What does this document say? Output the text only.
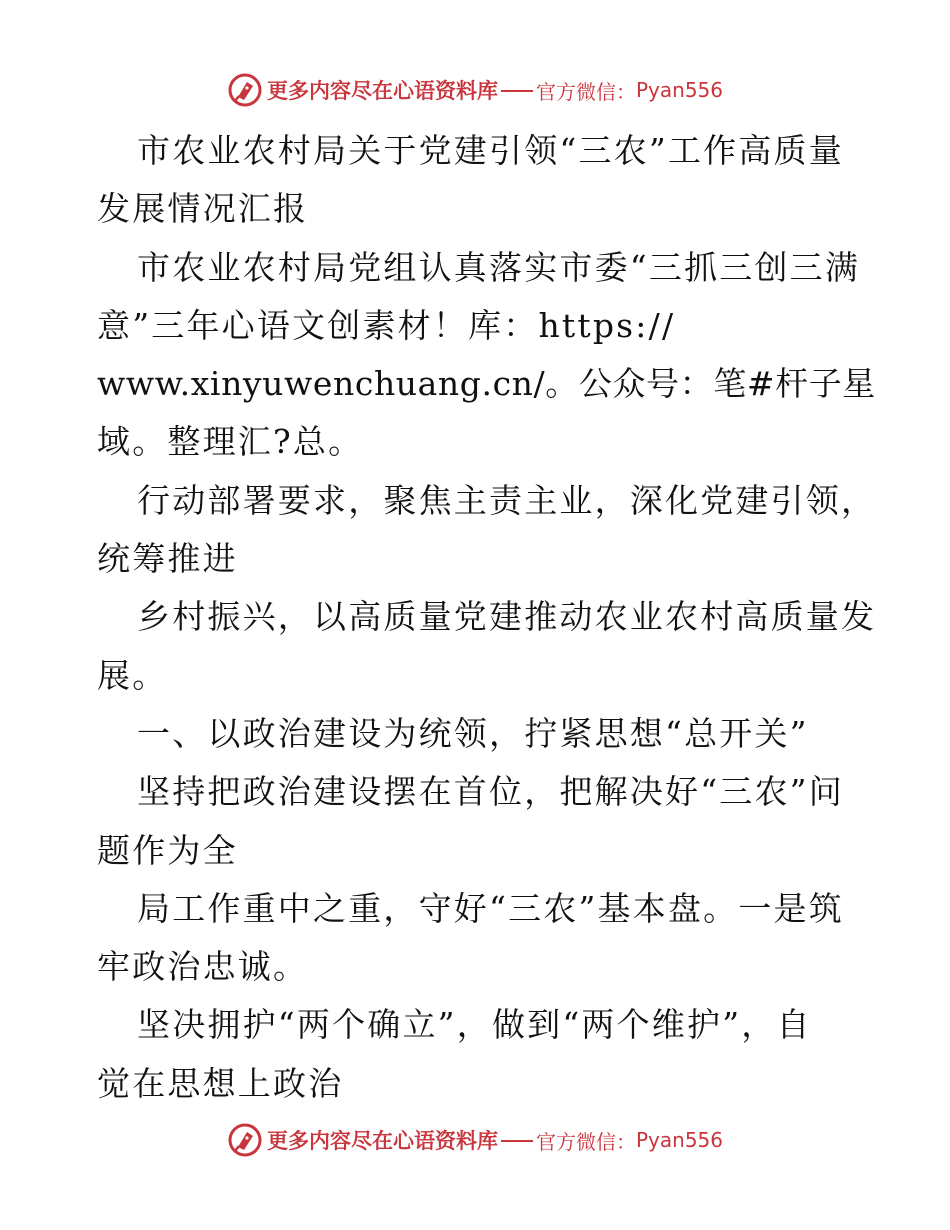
更多内容尽在心语资料库 官方微信： Pyan556
市农业农村局关于党建引领“三农”工作高质量
发展情况汇报
市农业农村局党组认真落实市委“三抓三创三满
意”三年心语文创素材！库：https://
www.xinyuwenchuang.cn/。公众号：笔#杆子星
域。整理汇?总。
行动部署要求，聚焦主责主业，深化党建引领，
统筹推进
乡村振兴，以高质量党建推动农业农村高质量发
展。
一、以政治建设为统领，拧紧思想“总开关”
坚持把政治建设摆在首位，把解决好“三农”问
题作为全
局工作重中之重，守好“三农”基本盘。一是筑
牢政治忠诚。
坚决拥护“两个确立”，做到“两个维护”，自
觉在思想上政治
更多内容尽在心语资料库 官方微信： Pyan556
